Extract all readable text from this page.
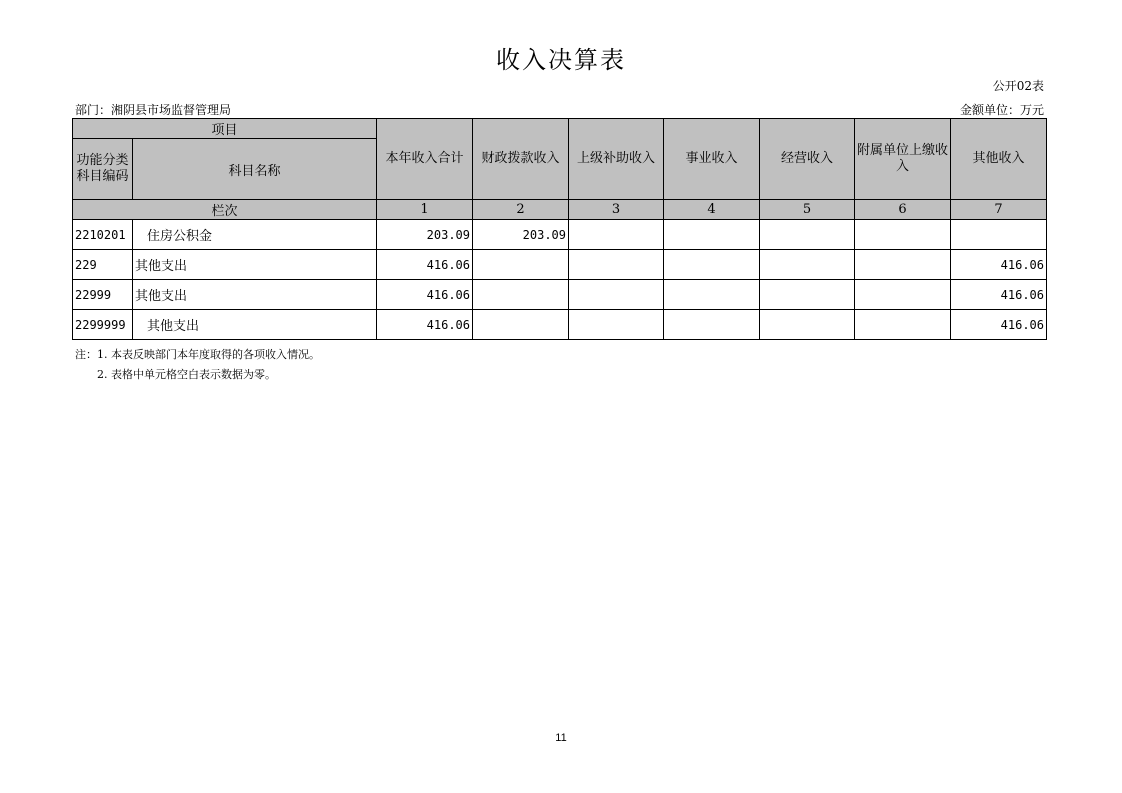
收入决算表
公开02表
部门：湘阴县市场监督管理局	金额单位：万元
项目		本年收入合计	财政拨款收入	上级补助收入	事业收入	经营收入	附属单位上缴收入	其他收入
功能分类科目编码	科目名称							
栏次		1	2	3	4	5	6	7
2210201	住房公积金	203.09	203.09					
229	其他支出	416.06						416.06
22999	其他支出	416.06						416.06
2299999	其他支出	416.06						416.06
注：1. 本表反映部门本年度取得的各项收入情况。
2. 表格中单元格空白表示数据为零。
11
